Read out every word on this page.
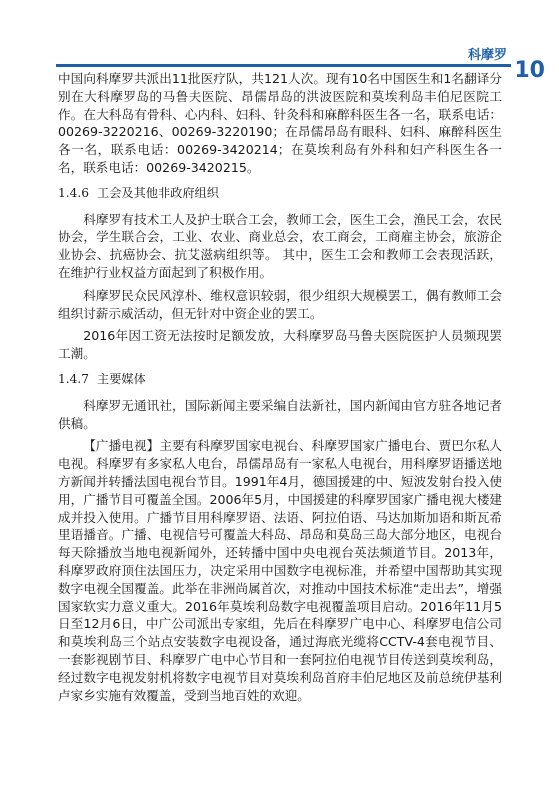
科摩罗
10

中国向科摩罗共派出11批医疗队，共121人次。现有10名中国医生和1名翻译分别在大科摩罗岛的马鲁夫医院、昂儒昂岛的洪波医院和莫埃利岛丰伯尼医院工作。在大科岛有骨科、心内科、妇科、针灸科和麻醉科医生各一名，联系电话：00269-3220216、00269-3220190；在昂儒昂岛有眼科、妇科、麻醉科医生各一名，联系电话：00269-3420214；在莫埃利岛有外科和妇产科医生各一名，联系电话：00269-3420215。

1.4.6 工会及其他非政府组织

科摩罗有技术工人及护士联合工会，教师工会，医生工会，渔民工会，农民协会，学生联合会，工业、农业、商业总会，农工商会，工商雇主协会，旅游企业协会、抗癌协会、抗艾滋病组织等。 其中，医生工会和教师工会表现活跃，在维护行业权益方面起到了积极作用。

科摩罗民众民风淳朴、维权意识较弱，很少组织大规模罢工，偶有教师工会组织讨薪示威活动，但无针对中资企业的罢工。

2016年因工资无法按时足额发放，大科摩罗岛马鲁夫医院医护人员频现罢工潮。

1.4.7 主要媒体

科摩罗无通讯社，国际新闻主要采编自法新社，国内新闻由官方驻各地记者供稿。

【广播电视】主要有科摩罗国家电视台、科摩罗国家广播电台、贾巴尔私人电视。科摩罗有多家私人电台，昂儒昂岛有一家私人电视台，用科摩罗语播送地方新闻并转播法国电视台节目。1991年4月，德国援建的中、短波发射台投入使用，广播节目可覆盖全国。2006年5月，中国援建的科摩罗国家广播电视大楼建成并投入使用。广播节目用科摩罗语、法语、阿拉伯语、马达加斯加语和斯瓦希里语播音。广播、电视信号可覆盖大科岛、昂岛和莫岛三岛大部分地区，电视台每天除播放当地电视新闻外，还转播中国中央电视台英法频道节目。2013年，科摩罗政府顶住法国压力，决定采用中国数字电视标准，并希望中国帮助其实现数字电视全国覆盖。此举在非洲尚属首次，对推动中国技术标准“走出去”，增强国家软实力意义重大。2016年莫埃利岛数字电视覆盖项目启动。2016年11月5日至12月6日，中广公司派出专家组，先后在科摩罗广电中心、科摩罗电信公司和莫埃利岛三个站点安装数字电视设备，通过海底光缆将CCTV-4套电视节目、一套影视剧节目、科摩罗广电中心节目和一套阿拉伯电视节目传送到莫埃利岛，经过数字电视发射机将数字电视节目对莫埃利岛首府丰伯尼地区及前总统伊基利卢家乡实施有效覆盖，受到当地百姓的欢迎。
